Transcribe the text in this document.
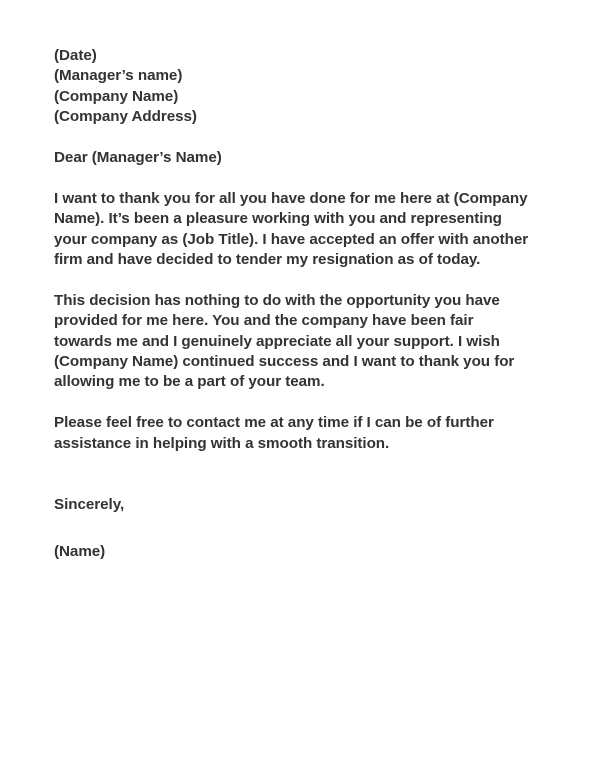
(Date)
(Manager’s name)
(Company Name)
(Company Address)

Dear (Manager’s Name)

I want to thank you for all you have done for me here at (Company Name). It’s been a pleasure working with you and representing your company as (Job Title). I have accepted an offer with another firm and have decided to tender my resignation as of today.

This decision has nothing to do with the opportunity you have provided for me here. You and the company have been fair towards me and I genuinely appreciate all your support. I wish (Company Name) continued success and I want to thank you for allowing me to be a part of your team.

Please feel free to contact me at any time if I can be of further assistance in helping with a smooth transition.

Sincerely,

(Name)
